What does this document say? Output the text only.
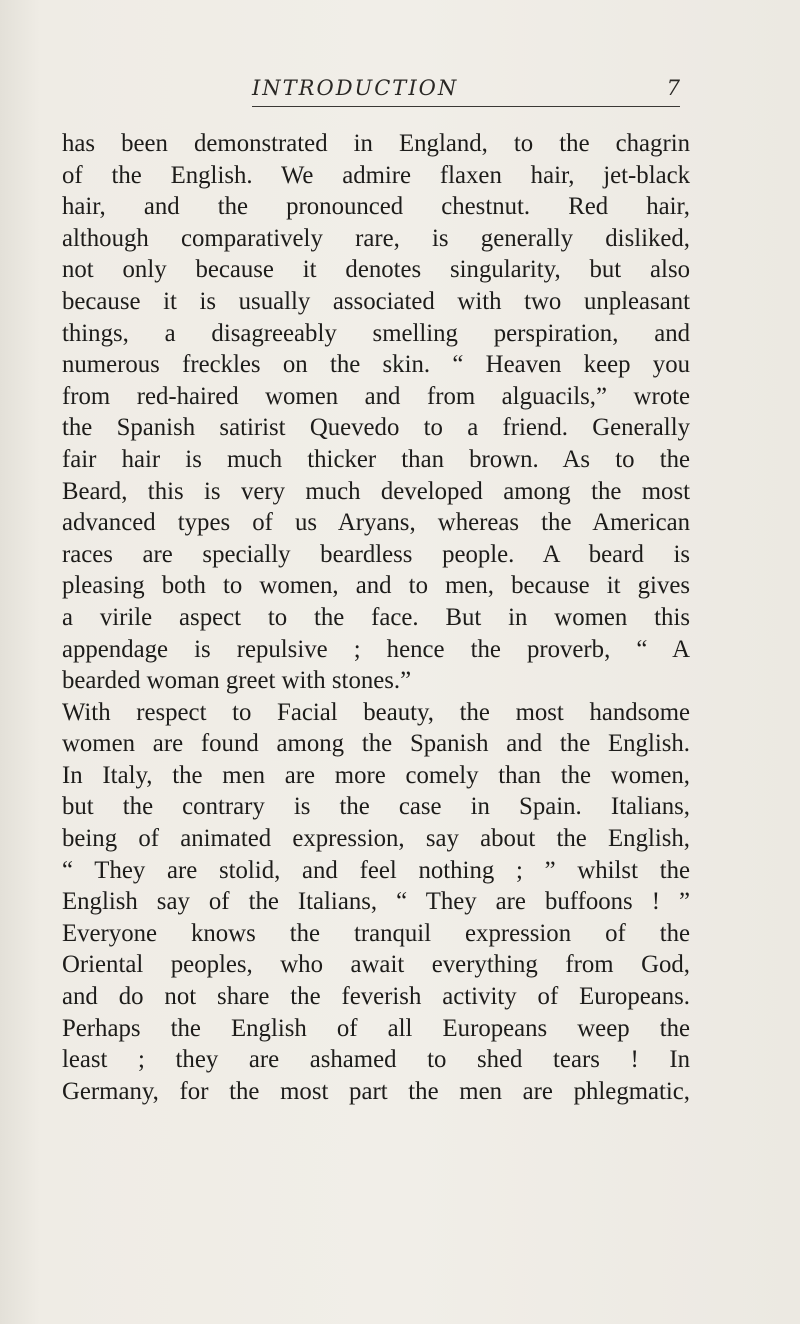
INTRODUCTION	7
has been demonstrated in England, to the chagrin
of the English. We admire flaxen hair, jet-black
hair, and the pronounced chestnut. Red hair,
although comparatively rare, is generally disliked,
not only because it denotes singularity, but also
because it is usually associated with two unpleasant
things, a disagreeably smelling perspiration, and
numerous freckles on the skin. “ Heaven keep you
from red-haired women and from alguacils,” wrote
the Spanish satirist Quevedo to a friend. Generally
fair hair is much thicker than brown. As to the
Beard, this is very much developed among the most
advanced types of us Aryans, whereas the American
races are specially beardless people. A beard is
pleasing both to women, and to men, because it gives
a virile aspect to the face. But in women this
appendage is repulsive ; hence the proverb, “ A
bearded woman greet with stones.”
With respect to Facial beauty, the most handsome
women are found among the Spanish and the English.
In Italy, the men are more comely than the women,
but the contrary is the case in Spain. Italians,
being of animated expression, say about the English,
“ They are stolid, and feel nothing ; ” whilst the
English say of the Italians, “ They are buffoons ! ”
Everyone knows the tranquil expression of the
Oriental peoples, who await everything from God,
and do not share the feverish activity of Europeans.
Perhaps the English of all Europeans weep the
least ; they are ashamed to shed tears ! In
Germany, for the most part the men are phlegmatic,
